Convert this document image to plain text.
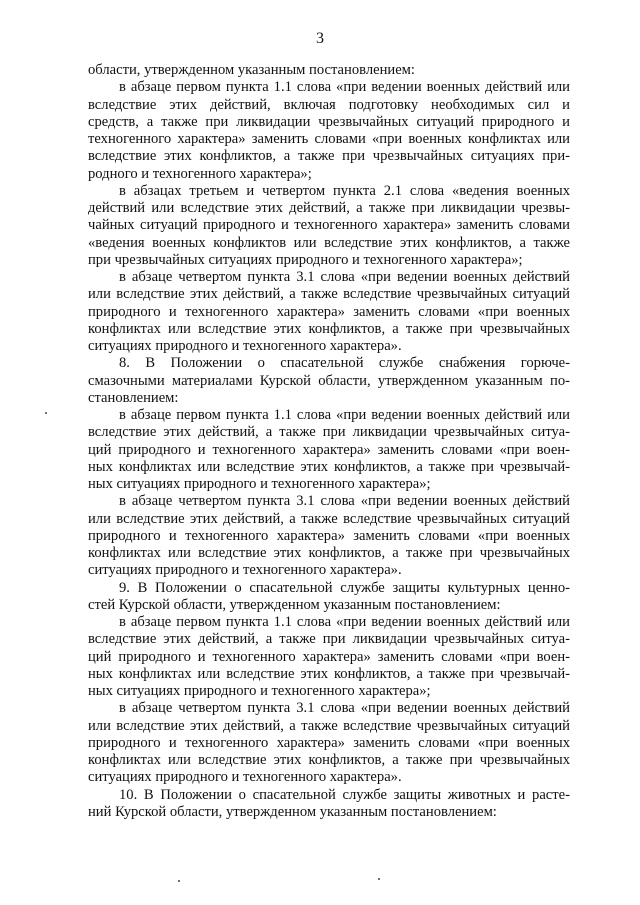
3
области, утвержденном указанным постановлением:
в абзаце первом пункта 1.1 слова «при ведении военных действий или
вследствие этих действий, включая подготовку необходимых сил и
средств, а также при ликвидации чрезвычайных ситуаций природного и
техногенного характера» заменить словами «при военных конфликтах или
вследствие этих конфликтов, а также при чрезвычайных ситуациях при-
родного и техногенного характера»;
в абзацах третьем и четвертом пункта 2.1 слова «ведения военных
действий или вследствие этих действий, а также при ликвидации чрезвы-
чайных ситуаций природного и техногенного характера» заменить словами
«ведения военных конфликтов или вследствие этих конфликтов, а также
при чрезвычайных ситуациях природного и техногенного характера»;
в абзаце четвертом пункта 3.1 слова «при ведении военных действий
или вследствие этих действий, а также вследствие чрезвычайных ситуаций
природного и техногенного характера» заменить словами «при военных
конфликтах или вследствие этих конфликтов, а также при чрезвычайных
ситуациях природного и техногенного характера».
8. В Положении о спасательной службе снабжения горюче-
смазочными материалами Курской области, утвержденном указанным по-
становлением:
в абзаце первом пункта 1.1 слова «при ведении военных действий или
вследствие этих действий, а также при ликвидации чрезвычайных ситуа-
ций природного и техногенного характера» заменить словами «при воен-
ных конфликтах или вследствие этих конфликтов, а также при чрезвычай-
ных ситуациях природного и техногенного характера»;
в абзаце четвертом пункта 3.1 слова «при ведении военных действий
или вследствие этих действий, а также вследствие чрезвычайных ситуаций
природного и техногенного характера» заменить словами «при военных
конфликтах или вследствие этих конфликтов, а также при чрезвычайных
ситуациях природного и техногенного характера».
9. В Положении о спасательной службе защиты культурных ценно-
стей Курской области, утвержденном указанным постановлением:
в абзаце первом пункта 1.1 слова «при ведении военных действий или
вследствие этих действий, а также при ликвидации чрезвычайных ситуа-
ций природного и техногенного характера» заменить словами «при воен-
ных конфликтах или вследствие этих конфликтов, а также при чрезвычай-
ных ситуациях природного и техногенного характера»;
в абзаце четвертом пункта 3.1 слова «при ведении военных действий
или вследствие этих действий, а также вследствие чрезвычайных ситуаций
природного и техногенного характера» заменить словами «при военных
конфликтах или вследствие этих конфликтов, а также при чрезвычайных
ситуациях природного и техногенного характера».
10. В Положении о спасательной службе защиты животных и расте-
ний Курской области, утвержденном указанным постановлением:
